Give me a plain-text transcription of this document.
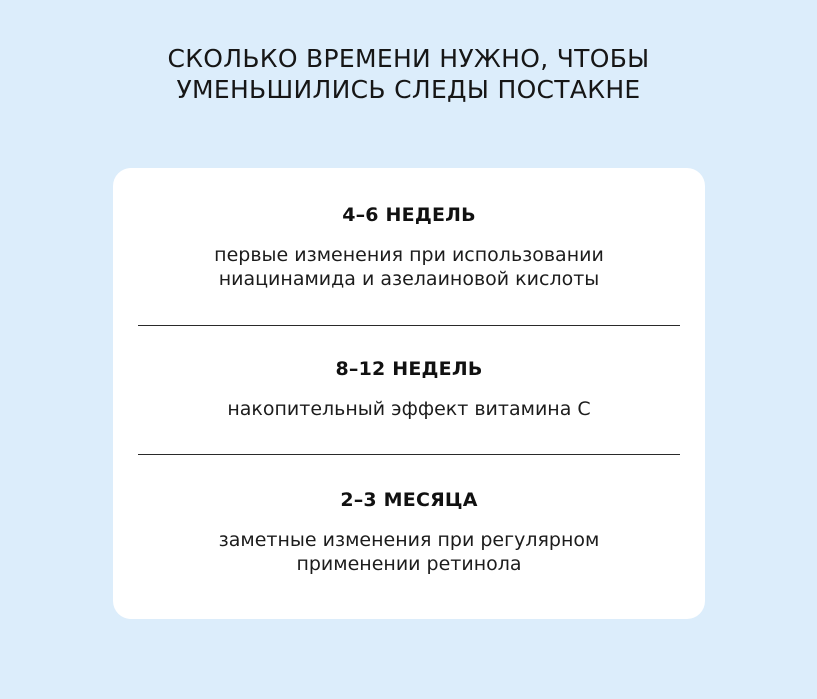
СКОЛЬКО ВРЕМЕНИ НУЖНО, ЧТОБЫ
УМЕНЬШИЛИСЬ СЛЕДЫ ПОСТАКНЕ
4–6 НЕДЕЛЬ
первые изменения при использовании
ниацинамида и азелаиновой кислоты
8–12 НЕДЕЛЬ
накопительный эффект витамина С
2–3 МЕСЯЦА
заметные изменения при регулярном
применении ретинола
